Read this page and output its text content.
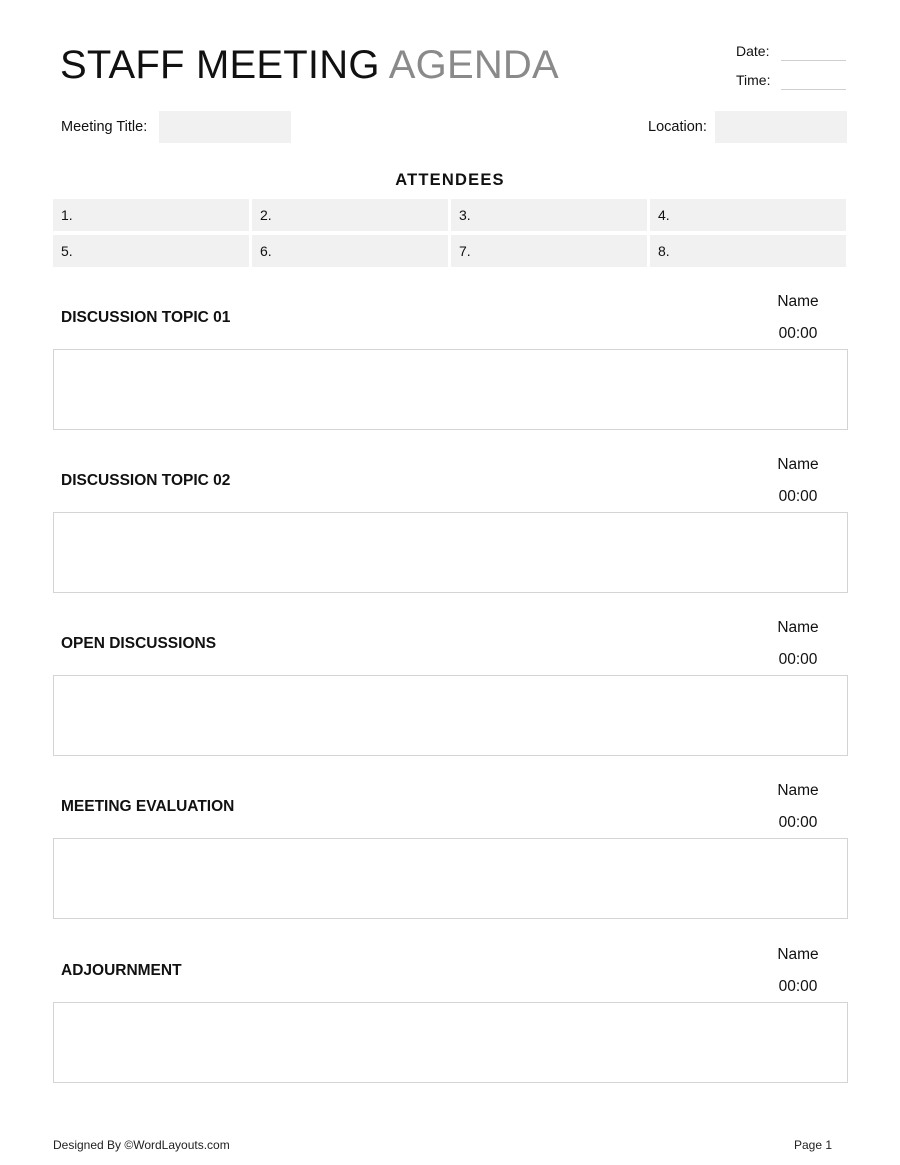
STAFF MEETING AGENDA	Date:
Time:
Meeting Title:	Location:
ATTENDEES
1.	2.	3.	4.
5.	6.	7.	8.
DISCUSSION TOPIC 01
Name
00:00
DISCUSSION TOPIC 02
Name
00:00
OPEN DISCUSSIONS
Name
00:00
MEETING EVALUATION
Name
00:00
ADJOURNMENT
Name
00:00
Designed By ©WordLayouts.com	Page 1
